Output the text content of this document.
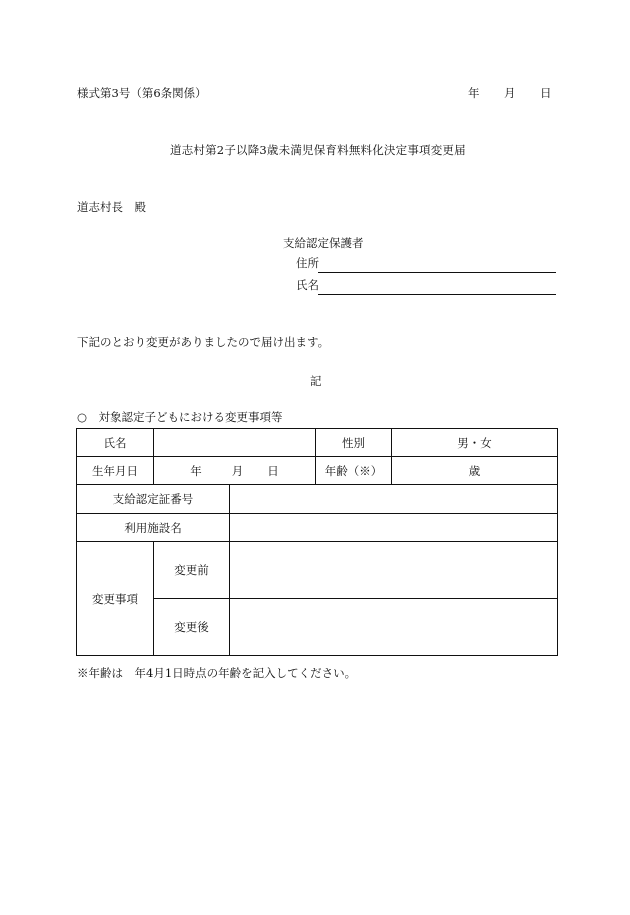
様式第3号（第6条関係）	年 月 日
道志村第2子以降3歳未満児保育料無料化決定事項変更届
道志村長　殿
支給認定保護者
住所
氏名
下記のとおり変更がありましたので届け出ます。
記
○　対象認定子どもにおける変更事項等
氏名			性別	男・女
生年月日	年 月 日		年齢（※）	歳
支給認定証番号				
利用施設名				
変更事項	変更前			
	変更後			
※年齢は　年4月1日時点の年齢を記入してください。
